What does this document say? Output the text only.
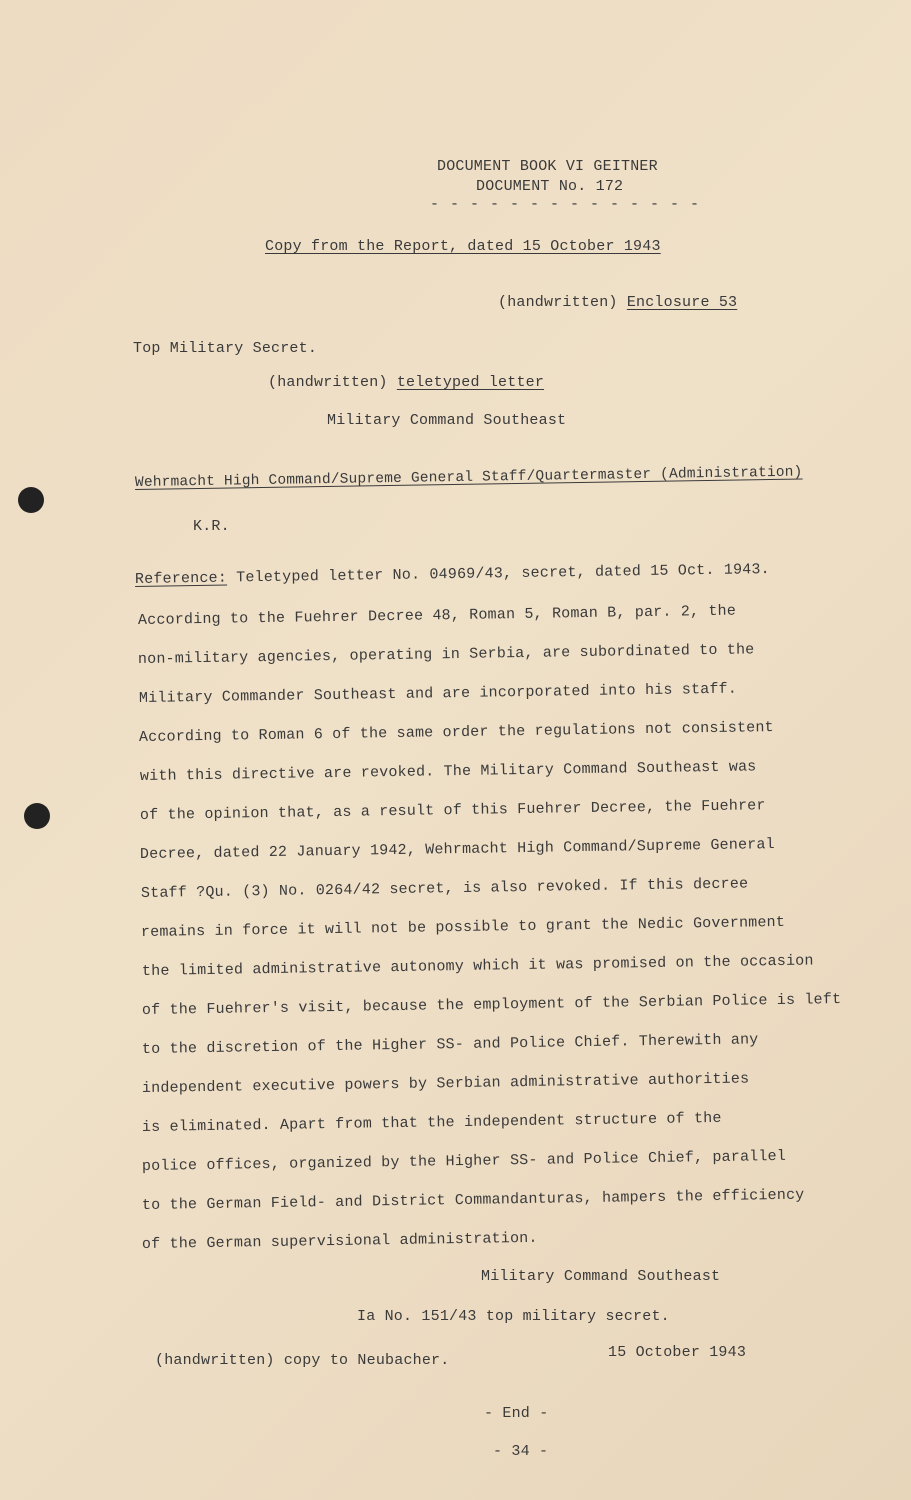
DOCUMENT BOOK VI GEITNER
DOCUMENT No. 172
- - - - - - - - - - - - - -
Copy from the Report, dated 15 October 1943
(handwritten) Enclosure 53
Top Military Secret.
(handwritten) teletyped letter
Military Command Southeast
Wehrmacht High Command/Supreme General Staff/Quartermaster (Administration)
K.R.
Reference: Teletyped letter No. 04969/43, secret, dated 15 Oct. 1943.
According to the Fuehrer Decree 48, Roman 5, Roman B, par. 2, the
non-military agencies, operating in Serbia, are subordinated to the
Military Commander Southeast and are incorporated into his staff.
According to Roman 6 of the same order the regulations not consistent
with this directive are revoked. The Military Command Southeast was
of the opinion that, as a result of this Fuehrer Decree, the Fuehrer
Decree, dated 22 January 1942, Wehrmacht High Command/Supreme General
Staff ?Qu. (3) No. 0264/42 secret, is also revoked. If this decree
remains in force it will not be possible to grant the Nedic Government
the limited administrative autonomy which it was promised on the occasion
of the Fuehrer's visit, because the employment of the Serbian Police is left
to the discretion of the Higher SS- and Police Chief. Therewith any
independent executive powers by Serbian administrative authorities
is eliminated. Apart from that the independent structure of the
police offices, organized by the Higher SS- and Police Chief, parallel
to the German Field- and District Commandanturas, hampers the efficiency
of the German supervisional administration.
Military Command Southeast
Ia No. 151/43 top military secret.
(handwritten) copy to Neubacher.	15 October 1943
- End -
- 34 -
